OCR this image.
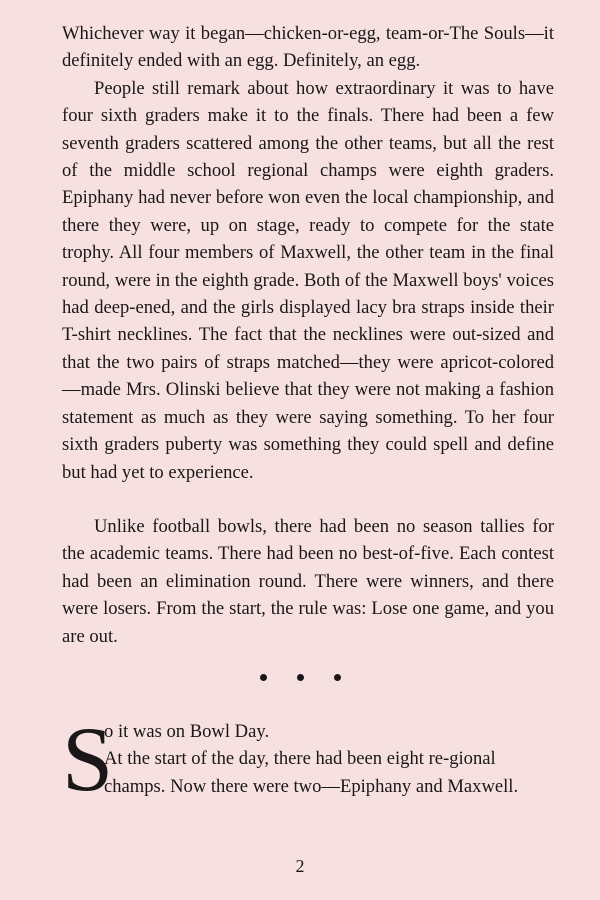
Whichever way it began—chicken-or-egg, team-or-The Souls—it definitely ended with an egg. Definitely, an egg.

People still remark about how extraordinary it was to have four sixth graders make it to the finals. There had been a few seventh graders scattered among the other teams, but all the rest of the middle school regional champs were eighth graders. Epiphany had never before won even the local championship, and there they were, up on stage, ready to compete for the state trophy. All four members of Maxwell, the other team in the final round, were in the eighth grade. Both of the Maxwell boys' voices had deep-ened, and the girls displayed lacy bra straps inside their T-shirt necklines. The fact that the necklines were out-sized and that the two pairs of straps matched—they were apricot-colored—made Mrs. Olinski believe that they were not making a fashion statement as much as they were saying something. To her four sixth graders puberty was something they could spell and define but had yet to experience.

Unlike football bowls, there had been no season tallies for the academic teams. There had been no best-of-five. Each contest had been an elimination round. There were winners, and there were losers. From the start, the rule was: Lose one game, and you are out.

S

o it was on Bowl Day.

At the start of the day, there had been eight re-gional champs. Now there were two—Epiphany and Maxwell.

2
